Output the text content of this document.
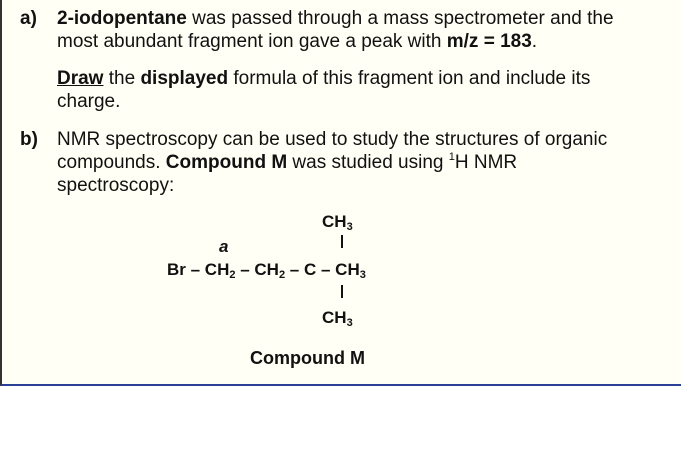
a) 2-iodopentane was passed through a mass spectrometer and the
most abundant fragment ion gave a peak with m/z = 183.
Draw the displayed formula of this fragment ion and include its
charge.
b) NMR spectroscopy can be used to study the structures of organic
compounds. Compound M was studied using $^1$H NMR
spectroscopy:
$CH_3$
a
Br – $CH_2 - CH_2$ – C – $CH_3$
$CH_3$
Compound M
